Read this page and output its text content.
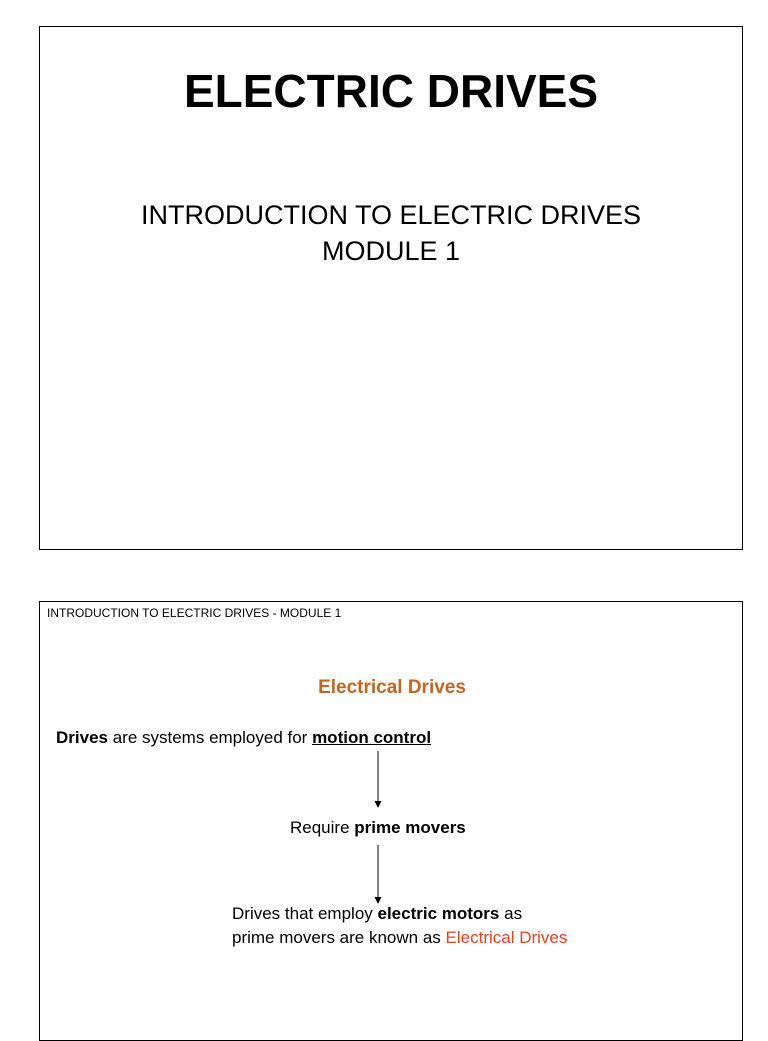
ELECTRIC DRIVES
INTRODUCTION TO ELECTRIC DRIVES
MODULE 1
INTRODUCTION TO ELECTRIC DRIVES - MODULE 1
Electrical Drives
Drives are systems employed for motion control
Require prime movers
Drives that employ electric motors as
prime movers are known as Electrical Drives
